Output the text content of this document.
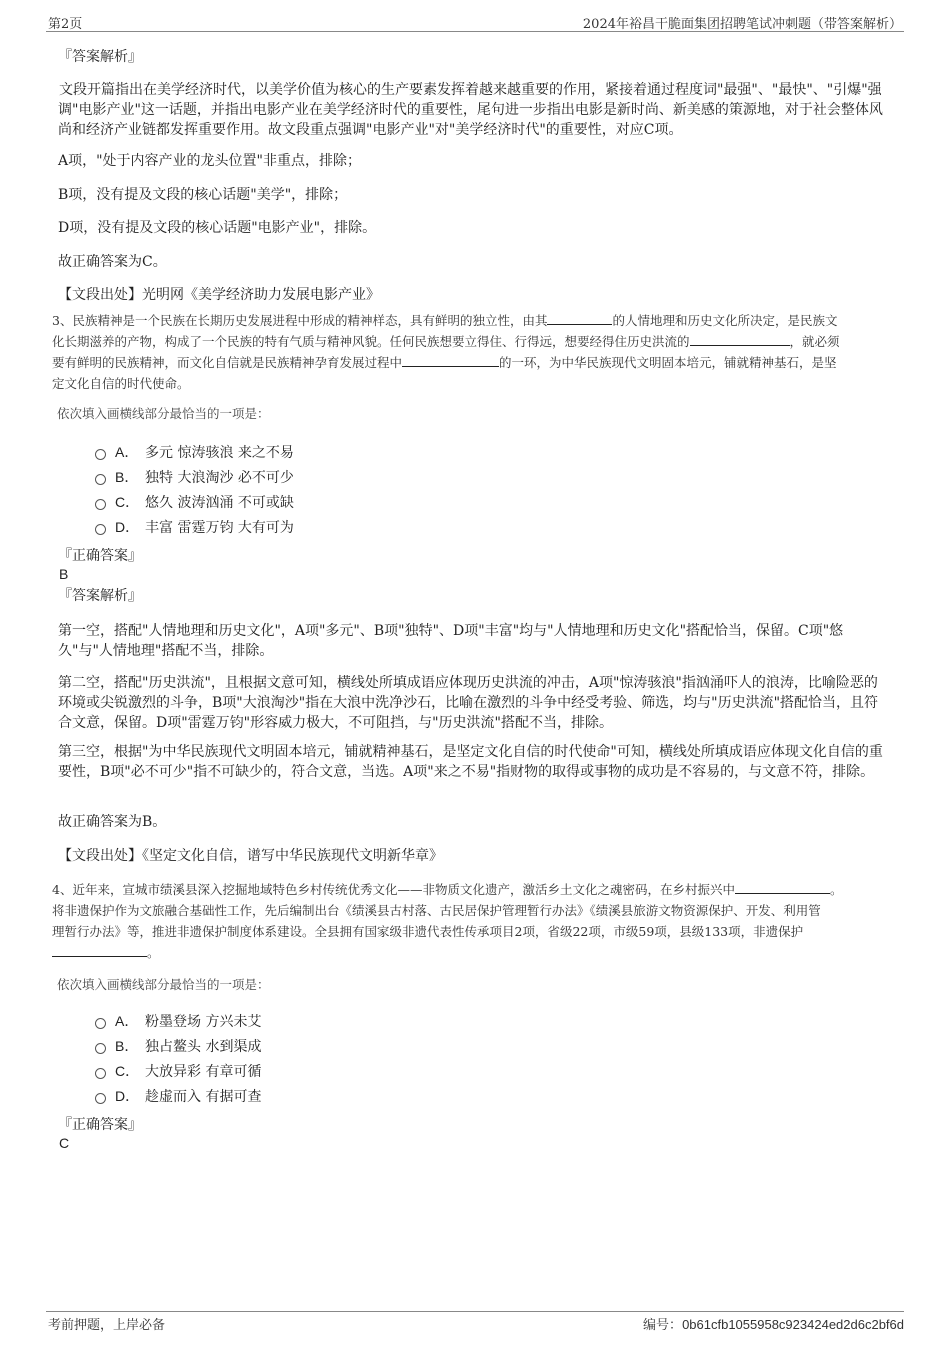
第2页	2024年裕昌干脆面集团招聘笔试冲刺题（带答案解析）
『答案解析』
文段开篇指出在美学经济时代，以美学价值为核心的生产要素发挥着越来越重要的作用，紧接着通过程度词"最强"、"最快"、"引爆"强调"电影产业"这一话题，并指出电影产业在美学经济时代的重要性，尾句进一步指出电影是新时尚、新美感的策源地，对于社会整体风尚和经济产业链都发挥重要作用。故文段重点强调"电影产业"对"美学经济时代"的重要性，对应C项。
A项，"处于内容产业的龙头位置"非重点，排除；
B项，没有提及文段的核心话题"美学"，排除；
D项，没有提及文段的核心话题"电影产业"，排除。
故正确答案为C。
【文段出处】光明网《美学经济助力发展电影产业》
3、民族精神是一个民族在长期历史发展进程中形成的精神样态，具有鲜明的独立性，由其	的人情地理和历史文化所决定，是民族文
化长期滋养的产物，构成了一个民族的特有气质与精神风貌。任何民族想要立得住、行得远，想要经得住历史洪流的	，就必须
要有鲜明的民族精神，而文化自信就是民族精神孕育发展过程中	的一环，为中华民族现代文明固本培元，铺就精神基石，是坚
定文化自信的时代使命。
依次填入画横线部分最恰当的一项是：
A． 多元 惊涛骇浪 来之不易
B． 独特 大浪淘沙 必不可少
C． 悠久 波涛汹涌 不可或缺
D． 丰富 雷霆万钧 大有可为
『正确答案』
B
『答案解析』
第一空，搭配"人情地理和历史文化"，A项"多元"、B项"独特"、D项"丰富"均与"人情地理和历史文化"搭配恰当，保留。C项"悠久"与"人情地理"搭配不当，排除。
第二空，搭配"历史洪流"，且根据文意可知，横线处所填成语应体现历史洪流的冲击，A项"惊涛骇浪"指汹涌吓人的浪涛，比喻险恶的环境或尖锐激烈的斗争，B项"大浪淘沙"指在大浪中洗净沙石，比喻在激烈的斗争中经受考验、筛选，均与"历史洪流"搭配恰当，且符合文意，保留。D项"雷霆万钧"形容威力极大，不可阻挡，与"历史洪流"搭配不当，排除。
第三空，根据"为中华民族现代文明固本培元，铺就精神基石，是坚定文化自信的时代使命"可知，横线处所填成语应体现文化自信的重要性，B项"必不可少"指不可缺少的，符合文意，当选。A项"来之不易"指财物的取得或事物的成功是不容易的，与文意不符，排除。
故正确答案为B。
【文段出处】《坚定文化自信，谱写中华民族现代文明新华章》
4、近年来，宣城市绩溪县深入挖掘地域特色乡村传统优秀文化——非物质文化遗产，激活乡土文化之魂密码，在乡村振兴中	。
将非遗保护作为文旅融合基础性工作，先后编制出台《绩溪县古村落、古民居保护管理暂行办法》《绩溪县旅游文物资源保护、开发、利用管
理暂行办法》等，推进非遗保护制度体系建设。全县拥有国家级非遗代表性传承项目2项，省级22项，市级59项，县级133项，非遗保护
。
依次填入画横线部分最恰当的一项是：
A． 粉墨登场 方兴未艾
B． 独占鳌头 水到渠成
C． 大放异彩 有章可循
D． 趁虚而入 有据可查
『正确答案』
C
考前押题，上岸必备	编号：0b61cfb1055958c923424ed2d6c2bf6d
